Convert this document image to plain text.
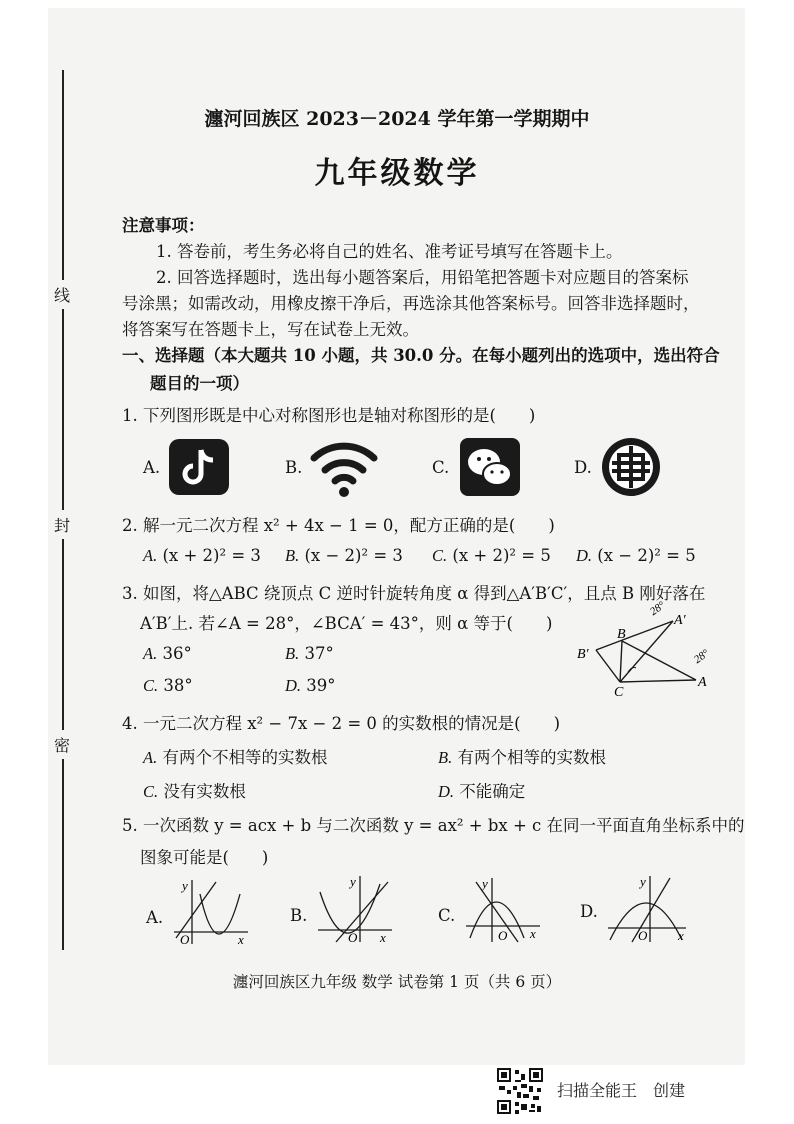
线
封
密
瀍河回族区 2023－2024 学年第一学期期中
九年级数学
注意事项：
1. 答卷前，考生务必将自己的姓名、准考证号填写在答题卡上。
2. 回答选择题时，选出每小题答案后，用铅笔把答题卡对应题目的答案标
号涂黑；如需改动，用橡皮擦干净后，再选涂其他答案标号。回答非选择题时，
将答案写在答题卡上，写在试卷上无效。
一、选择题（本大题共 10 小题，共 30.0 分。在每小题列出的选项中，选出符合
题目的一项）
1. 下列图形既是中心对称图形也是轴对称图形的是(　　)
A.	B.	C.	D.
2. 解一元二次方程 x² + 4x − 1 = 0，配方正确的是(　　)
A. (x + 2)² = 3 B. (x − 2)² = 3 C. (x + 2)² = 5 D. (x − 2)² = 5
3. 如图，将△ABC 绕顶点 C 逆时针旋转角度 α 得到△A′B′C′，且点 B 刚好落在
A′B′上. 若∠A = 28°，∠BCA′ = 43°，则 α 等于(　　)
A. 36°	B. 37°
C. 38°	D. 39°
B
A′
B′
C
A
28°
28°
4. 一元二次方程 x² − 7x − 2 = 0 的实数根的情况是(　　)
A. 有两个不相等的实数根	B. 有两个相等的实数根
C. 没有实数根	D. 不能确定
5. 一次函数 y = acx + b 与二次函数 y = ax² + bx + c 在同一平面直角坐标系中的
图象可能是(　　)
A.
y
x
O
B.
y
x
O
C.
y
x
O
D.
y
x
O
瀍河回族区九年级 数学 试卷第 1 页（共 6 页）
扫描全能王　创建
